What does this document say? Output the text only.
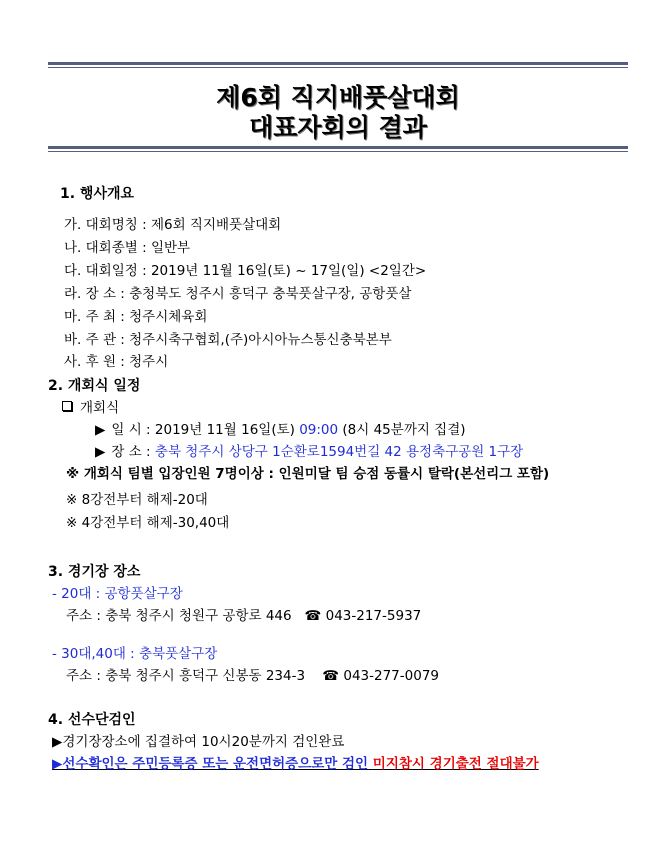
제6회 직지배풋살대회
대표자회의 결과
1. 행사개요
가. 대회명칭 : 제6회 직지배풋살대회
나. 대회종별 : 일반부
다. 대회일정 : 2019년 11월 16일(토) ~ 17일(일) <2일간>
라. 장 소 : 충청북도 청주시 흥덕구 충북풋살구장, 공항풋살
마. 주 최 : 청주시체육회
바. 주 관 : 청주시축구협회,(주)아시아뉴스통신충북본부
사. 후 원 : 청주시
2. 개회식 일정
개회식
▶ 일 시 : 2019년 11월 16일(토) 09:00 (8시 45분까지 집결)
▶ 장 소 : 충북 청주시 상당구 1순환로1594번길 42 용정축구공원 1구장
※ 개회식 팀별 입장인원 7명이상 : 인원미달 팀 승점 동률시 탈락(본선리그 포함)
※ 8강전부터 해제-20대
※ 4강전부터 해제-30,40대
3. 경기장 장소
- 20대 : 공항풋살구장
주소 : 충북 청주시 청원구 공항로 446 ☎ 043-217-5937
- 30대,40대 : 충북풋살구장
주소 : 충북 청주시 흥덕구 신봉동 234-3 ☎ 043-277-0079
4. 선수단검인
▶경기장장소에 집결하여 10시20분까지 검인완료
▶선수확인은 주민등록증 또는 운전면허증으로만 검인 미지참시 경기출전 절대불가
